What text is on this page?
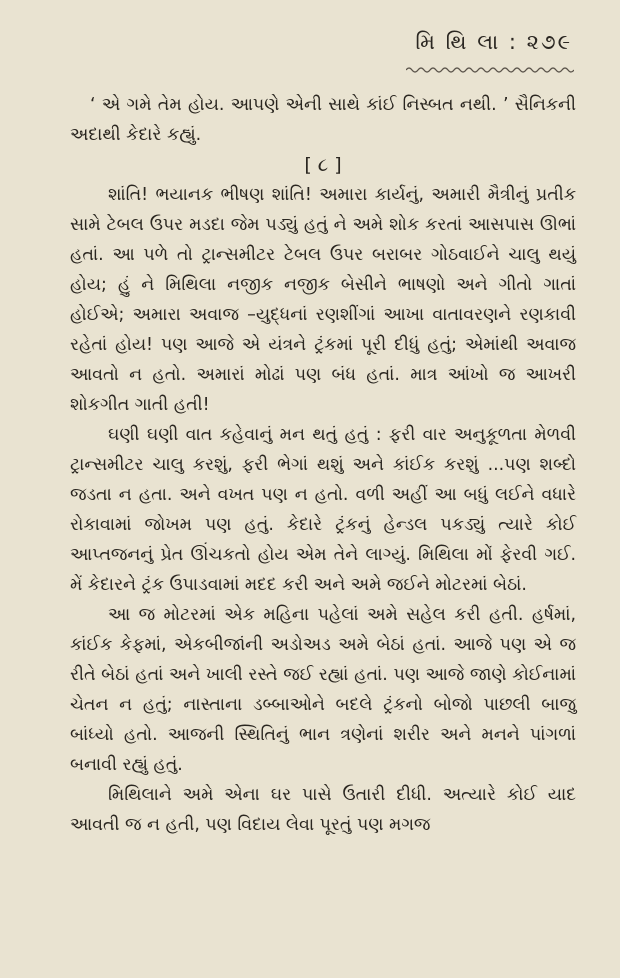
મિ થિ લા : ૨૭૯

‘ એ ગમે તેમ હોય. આપણે એની સાથે કાંઈ નિસ્બત નથી. ’ સૈનિકની અદાથી કેદારે કહ્યું.

[ ૮ ]

શાંતિ! ભયાનક ભીષણ શાંતિ! અમારા કાર્યનું, અમારી મૈત્રીનું પ્રતીક સામે ટેબલ ઉપર મડદા જેમ પડ્યું હતું ને અમે શોક કરતાં આસપાસ ઊભાં હતાં. આ પળે તો ટ્રાન્સમીટર ટેબલ ઉપર બરાબર ગોઠવાઈને ચાલુ થયું હોય; હું ને મિથિલા નજીક નજીક બેસીને ભાષણો અને ગીતો ગાતાં હોઈએ; અમારા અવાજ –યુદ્ધનાં રણશીંગાં આખા વાતાવરણને રણકાવી રહેતાં હોય! પણ આજે એ યંત્રને ટ્રંકમાં પૂરી દીધું હતું; એમાંથી અવાજ આવતો ન હતો. અમારાં મોઢાં પણ બંધ હતાં. માત્ર આંખો જ આખરી શોકગીત ગાતી હતી!

ઘણી ઘણી વાત કહેવાનું મન થતું હતું : ફરી વાર અનુકૂળતા મેળવી ટ્રાન્સમીટર ચાલુ કરશું, ફરી ભેગાં થશું અને કાંઈક કરશું ...પણ શબ્દો જડતા ન હતા. અને વખત પણ ન હતો. વળી અહીં આ બધું લઈને વધારે રોકાવામાં જોખમ પણ હતું. કેદારે ટ્રંકનું હેન્ડલ પકડ્યું ત્યારે કોઈ આપ્તજનનું પ્રેત ઊંચકતો હોય એમ તેને લાગ્યું. મિથિલા મોં ફેરવી ગઈ. મેં કેદારને ટ્રંક ઉપાડવામાં મદદ કરી અને અમે જઈને મોટરમાં બેઠાં.

આ જ મોટરમાં એક મહિના પહેલાં અમે સહેલ કરી હતી. હર્ષમાં, કાંઈક કેફમાં, એકબીજાંની અડોઅડ અમે બેઠાં હતાં. આજે પણ એ જ રીતે બેઠાં હતાં અને ખાલી રસ્તે જઈ રહ્યાં હતાં. પણ આજે જાણે કોઈનામાં ચેતન ન હતું; નાસ્તાના ડબ્બાઓને બદલે ટ્રંકનો બોજો પાછલી બાજુ બાંધ્યો હતો. આજની સ્થિતિનું ભાન ત્રણેનાં શરીર અને મનને પાંગળાં બનાવી રહ્યું હતું.

મિથિલાને અમે એના ઘર પાસે ઉતારી દીધી. અત્યારે કોઈ યાદ આવતી જ ન હતી, પણ વિદાય લેવા પૂરતું પણ મગજ
